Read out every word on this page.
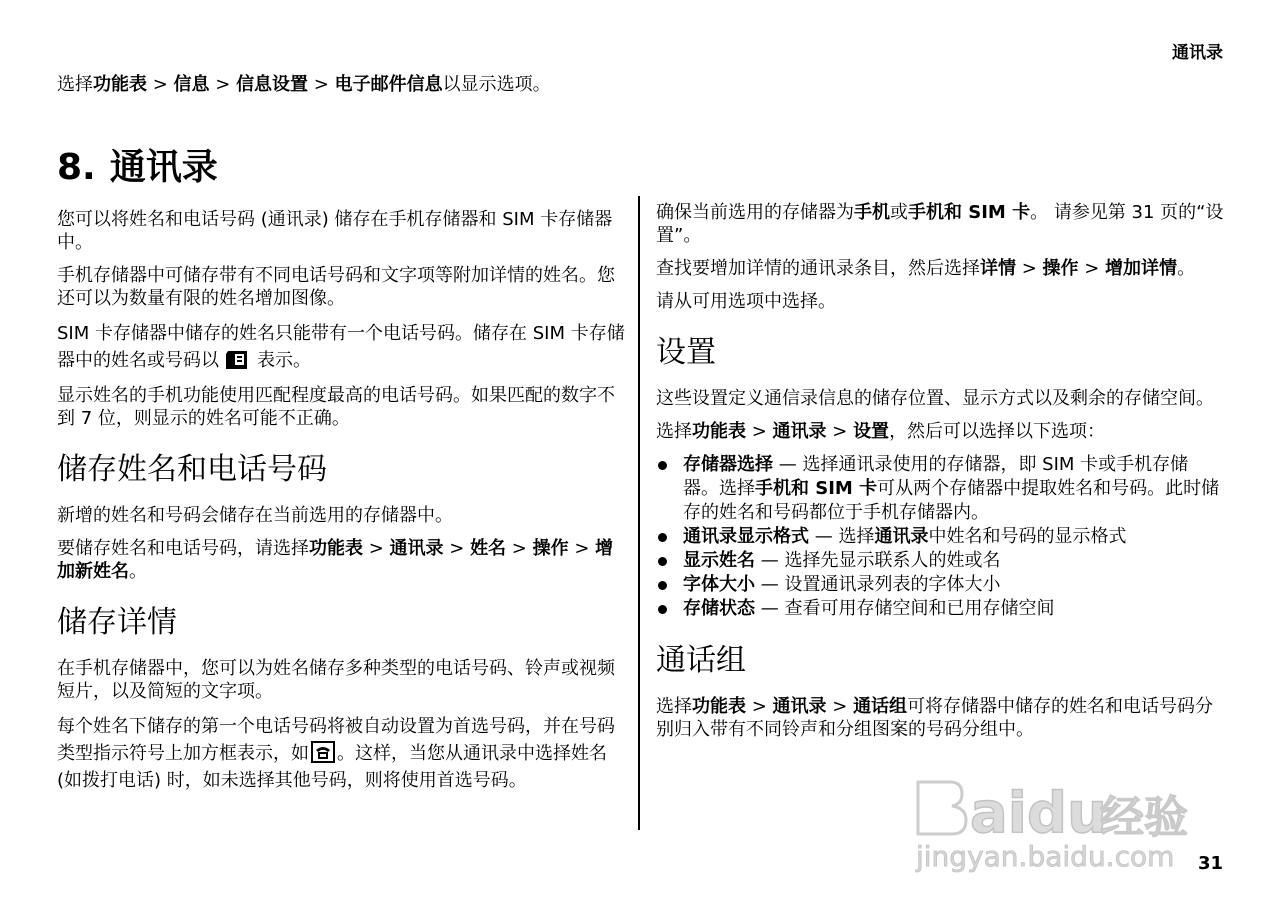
通讯录

选择功能表 > 信息 > 信息设置 > 电子邮件信息以显示选项。

8. 通讯录

您可以将姓名和电话号码 (通讯录) 储存在手机存储器和 SIM 卡存储器中。

手机存储器中可储存带有不同电话号码和文字项等附加详情的姓名。您还可以为数量有限的姓名增加图像。

SIM 卡存储器中储存的姓名只能带有一个电话号码。储存在 SIM 卡存储器中的姓名或号码以 表示。

显示姓名的手机功能使用匹配程度最高的电话号码。如果匹配的数字不到 7 位，则显示的姓名可能不正确。

储存姓名和电话号码

新增的姓名和号码会储存在当前选用的存储器中。

要储存姓名和电话号码，请选择功能表 > 通讯录 > 姓名 > 操作 > 增加新姓名。

储存详情

在手机存储器中，您可以为姓名储存多种类型的电话号码、铃声或视频短片，以及简短的文字项。

每个姓名下储存的第一个电话号码将被自动设置为首选号码，并在号码类型指示符号上加方框表示，如 。这样，当您从通讯录中选择姓名 (如拨打电话) 时，如未选择其他号码，则将使用首选号码。

确保当前选用的存储器为手机或手机和 SIM 卡。 请参见第 31 页的“设置”。

查找要增加详情的通讯录条目，然后选择详情 > 操作 > 增加详情。

请从可用选项中选择。

设置

这些设置定义通信录信息的储存位置、显示方式以及剩余的存储空间。

选择功能表 > 通讯录 > 设置，然后可以选择以下选项：

存储器选择 — 选择通讯录使用的存储器，即 SIM 卡或手机存储器。选择手机和 SIM 卡可从两个存储器中提取姓名和号码。此时储存的姓名和号码都位于手机存储器内。
通讯录显示格式 — 选择通讯录中姓名和号码的显示格式
显示姓名 — 选择先显示联系人的姓或名
字体大小 — 设置通讯录列表的字体大小
存储状态 — 查看可用存储空间和已用存储空间
通话组

选择功能表 > 通讯录 > 通话组可将存储器中储存的姓名和电话号码分别归入带有不同铃声和分组图案的号码分组中。

aidu
经验
jingyan.baidu.com 31
